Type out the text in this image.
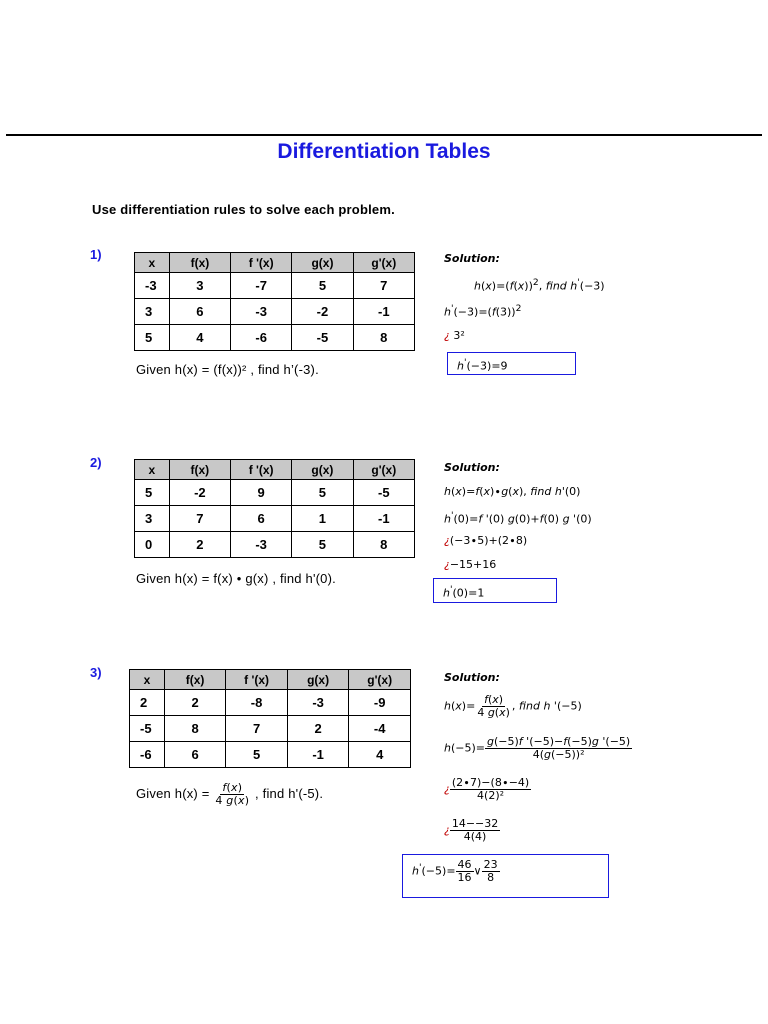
Differentiation Tables
Use differentiation rules to solve each problem.
1)
x	f(x)	f '(x)	g(x)	g'(x)
-3	3	-7	5	7
3	6	-3	-2	-1
5	4	-6	-5	8
Given h(x) = (f(x))² , find h’(-3).
Solution:
$h(x)=(f(x))^2$, find h'(−3)
$h'(-3)=(f(3))^2$
¿ 3²
h'(−3)=9
2)	x	f(x)	f '(x)	g(x)	g'(x)
5	-2	9	5	-5
3	7	6	1	-1
0	2	-3	5	8
Given h(x) = f(x) • g(x) , find h'(0).
Solution:
h(x)=f(x)∙g(x), find h'(0)
h'(0)=f '(0) g(0)+f(0) g '(0)
¿(−3∙5)+(2∙8)
¿−15+16
h'(0)=1
3)	x	f(x)	f '(x)	g(x)	g'(x)
2	2	-8	-3	-9
-5	8	7	2	-4
-6	6	5	-1	4
Given $h(x) = \frac{f(x)}{4 g(x)}$ , find h'(-5).
Solution:
$h(x)= \frac{f(x)}{4 g(x)}$ , find h '(−5)
$h(-5)= \frac{g(-5)f '(-5)-f(-5)g '(-5)}{\text{4(g(−5))²}}$
¿ $\frac{(2\cdot 7)-(8\cdot-4)}{\text{4(2)²}}$
¿ $\frac{14--32}{4(4)}$
$h'(-5)= \frac{46}{16}$ ∨ $\frac{23}{8}$
